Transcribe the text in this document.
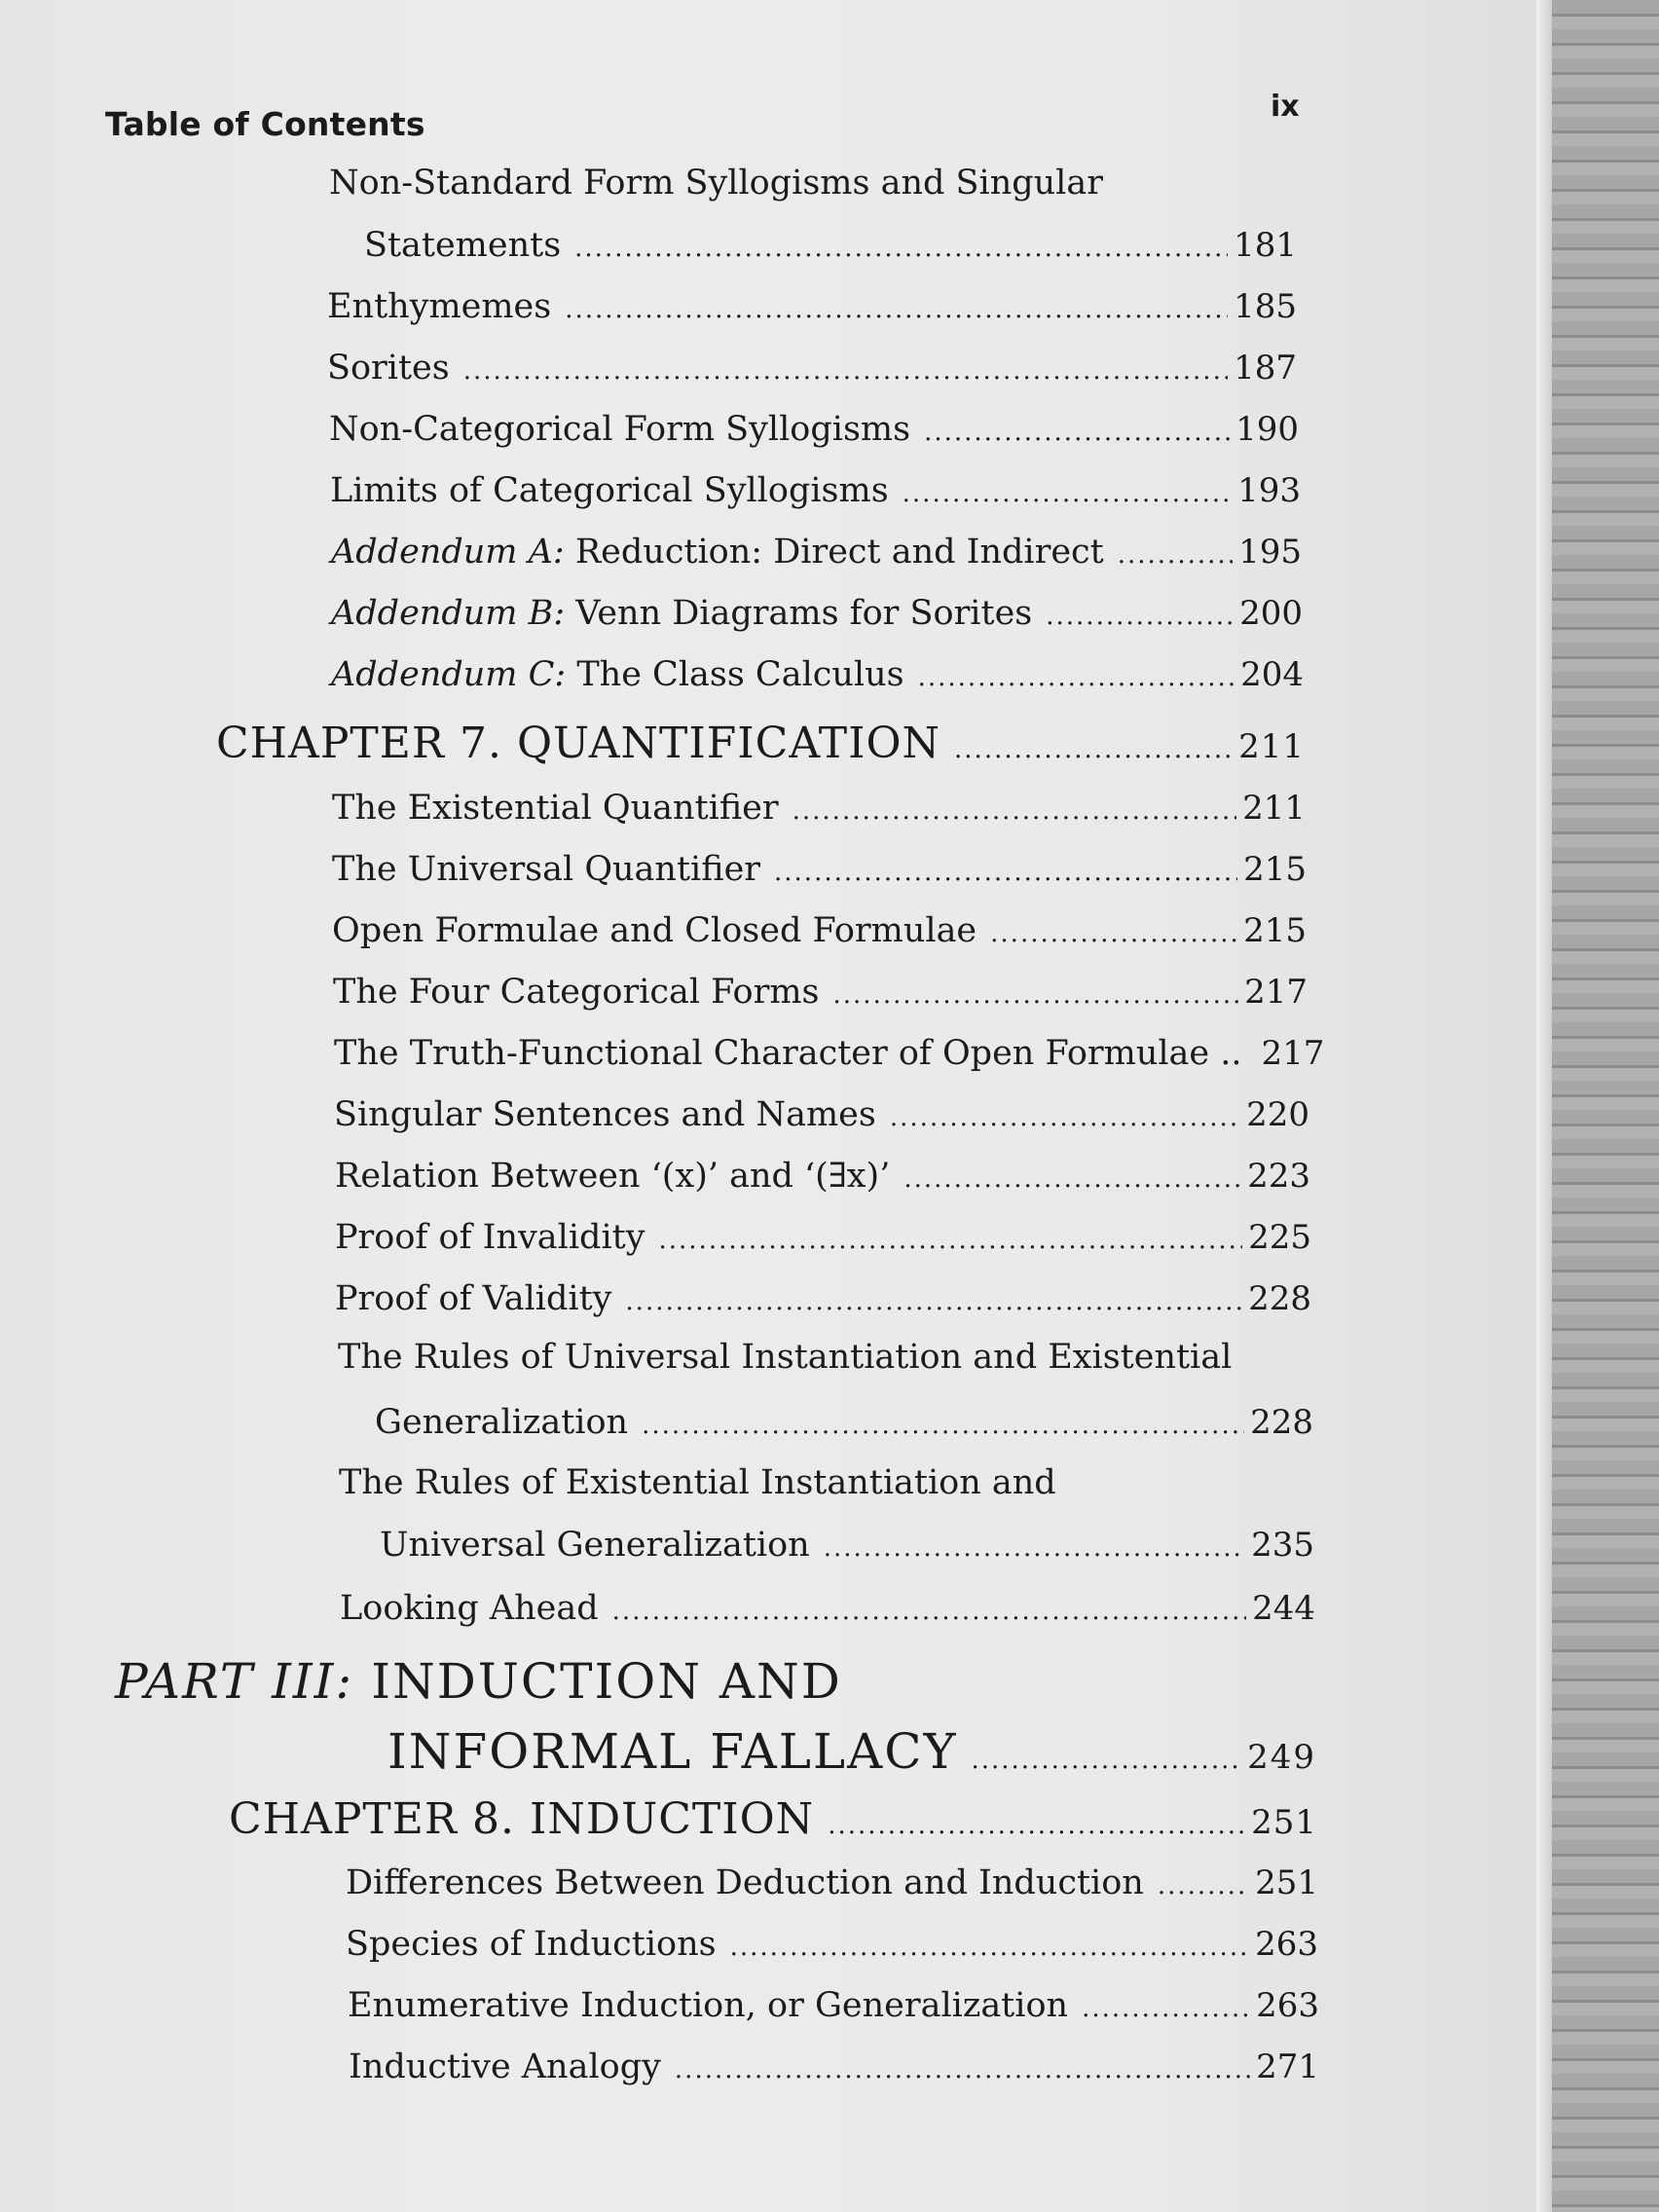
Table of Contents	ix
Non-Standard Form Syllogisms and Singular
Statements .....	181
Enthymemes .....	185
Sorites .....	187
Non-Categorical Form Syllogisms .....	190
Limits of Categorical Syllogisms .....	193
Addendum A:
Reduction: Direct and Indirect .....	195
Addendum B:
Venn Diagrams for Sorites .....	200
Addendum C:
The Class Calculus .....	204
CHAPTER 7. QUANTIFICATION .....	211
The Existential Quantifier .....	211
The Universal Quantifier .....	215
Open Formulae and Closed Formulae .....	215
The Four Categorical Forms .....	217
The Truth-Functional Character of Open Formulae .. 217
Singular Sentences and Names .....	220
Relation Between ‘(x)’ and ‘(∃x)’ .....	223
Proof of Invalidity .....	225
Proof of Validity .....	228
The Rules of Universal Instantiation and Existential
Generalization .....	228
The Rules of Existential Instantiation and
Universal Generalization .....	235
Looking Ahead .....	244
PART III: INDUCTION AND
INFORMAL FALLACY .....	249
CHAPTER 8. INDUCTION .....	251
Differences Between Deduction and Induction .....	251
Species of Inductions .....	263
Enumerative Induction, or Generalization .....	263
Inductive Analogy .....	271
